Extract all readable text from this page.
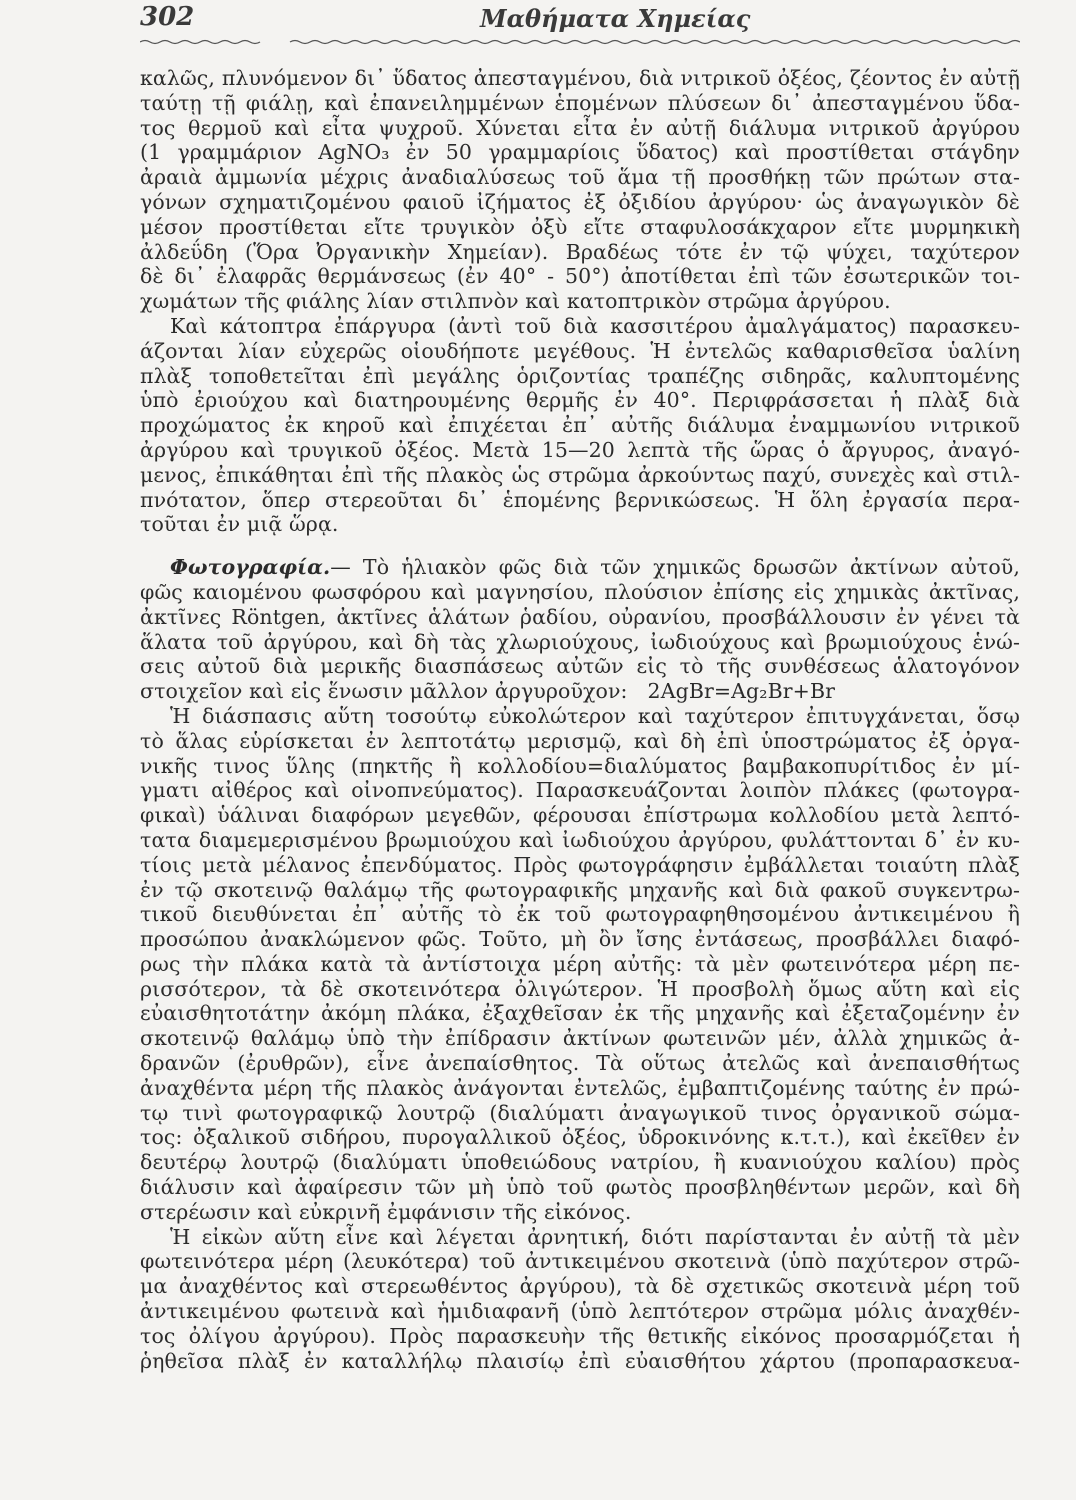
302	Μαθήματα Χημείας

καλῶς, πλυνόμενον δι᾽ ὕδατος ἀπεσταγμένου, διὰ νιτρικοῦ ὀξέος, ζέοντος ἐν αὐτῇ
ταύτῃ τῇ φιάλῃ, καὶ ἐπανειλημμένων ἑπομένων πλύσεων δι᾽ ἀπεσταγμένου ὕδα-
τος θερμοῦ καὶ εἶτα ψυχροῦ. Χύνεται εἶτα ἐν αὐτῇ διάλυμα νιτρικοῦ ἀργύρου
(1 γραμμάριον AgNO₃ ἐν 50 γραμμαρίοις ὕδατος) καὶ προστίθεται στάγδην
ἀραιὰ ἀμμωνία μέχρις ἀναδιαλύσεως τοῦ ἅμα τῇ προσθήκῃ τῶν πρώτων στα-
γόνων σχηματιζομένου φαιοῦ ἰζήματος ἐξ ὀξιδίου ἀργύρου· ὡς ἀναγωγικὸν δὲ
μέσον προστίθεται εἴτε τρυγικὸν ὀξὺ εἴτε σταφυλοσάκχαρον εἴτε μυρμηκικὴ
ἀλδεΰδη (Ὅρα Ὀργανικὴν Χημείαν). Βραδέως τότε ἐν τῷ ψύχει, ταχύτερον
δὲ δι᾽ ἐλαφρᾶς θερμάνσεως (ἐν 40° - 50°) ἀποτίθεται ἐπὶ τῶν ἐσωτερικῶν τοι-
χωμάτων τῆς φιάλης λίαν στιλπνὸν καὶ κατοπτρικὸν στρῶμα ἀργύρου.

Καὶ κάτοπτρα ἐπάργυρα (ἀντὶ τοῦ διὰ κασσιτέρου ἀμαλγάματος) παρασκευ-
άζονται λίαν εὐχερῶς οἱουδήποτε μεγέθους. Ἡ ἐντελῶς καθαρισθεῖσα ὑαλίνη
πλὰξ τοποθετεῖται ἐπὶ μεγάλης ὁριζοντίας τραπέζης σιδηρᾶς, καλυπτομένης
ὑπὸ ἐριούχου καὶ διατηρουμένης θερμῆς ἐν 40°. Περιφράσσεται ἡ πλὰξ διὰ
προχώματος ἐκ κηροῦ καὶ ἐπιχέεται ἐπ᾽ αὐτῆς διάλυμα ἐναμμωνίου νιτρικοῦ
ἀργύρου καὶ τρυγικοῦ ὀξέος. Μετὰ 15—20 λεπτὰ τῆς ὥρας ὁ ἄργυρος, ἀναγό-
μενος, ἐπικάθηται ἐπὶ τῆς πλακὸς ὡς στρῶμα ἀρκούντως παχύ, συνεχὲς καὶ στιλ-
πνότατον, ὅπερ στερεοῦται δι᾽ ἑπομένης βερνικώσεως. Ἡ ὅλη ἐργασία περα-
τοῦται ἐν μιᾷ ὥρᾳ.

Φωτογραφία.— Τὸ ἡλιακὸν φῶς διὰ τῶν χημικῶς δρωσῶν ἀκτίνων αὐτοῦ,
φῶς καιομένου φωσφόρου καὶ μαγνησίου, πλούσιον ἐπίσης εἰς χημικὰς ἀκτῖνας,
ἀκτῖνες Röntgen, ἀκτῖνες ἁλάτων ῥαδίου, οὐρανίου, προσβάλλουσιν ἐν γένει τὰ
ἅλατα τοῦ ἀργύρου, καὶ δὴ τὰς χλωριούχους, ἰωδιούχους καὶ βρωμιούχους ἑνώ-
σεις αὐτοῦ διὰ μερικῆς διασπάσεως αὐτῶν εἰς τὸ τῆς συνθέσεως ἁλατογόνον
στοιχεῖον καὶ εἰς ἕνωσιν μᾶλλον ἀργυροῦχον: 2AgBr=Ag₂Br+Br

Ἡ διάσπασις αὕτη τοσούτῳ εὐκολώτερον καὶ ταχύτερον ἐπιτυγχάνεται, ὅσῳ
τὸ ἅλας εὑρίσκεται ἐν λεπτοτάτῳ μερισμῷ, καὶ δὴ ἐπὶ ὑποστρώματος ἐξ ὀργα-
νικῆς τινος ὕλης (πηκτῆς ἢ κολλοδίου=διαλύματος βαμβακοπυρίτιδος ἐν μί-
γματι αἰθέρος καὶ οἰνοπνεύματος). Παρασκευάζονται λοιπὸν πλάκες (φωτογρα-
φικαὶ) ὑάλιναι διαφόρων μεγεθῶν, φέρουσαι ἐπίστρωμα κολλοδίου μετὰ λεπτό-
τατα διαμεμερισμένου βρωμιούχου καὶ ἰωδιούχου ἀργύρου, φυλάττονται δ᾽ ἐν κυ-
τίοις μετὰ μέλανος ἐπενδύματος. Πρὸς φωτογράφησιν ἐμβάλλεται τοιαύτη πλὰξ
ἐν τῷ σκοτεινῷ θαλάμῳ τῆς φωτογραφικῆς μηχανῆς καὶ διὰ φακοῦ συγκεντρω-
τικοῦ διευθύνεται ἐπ᾽ αὐτῆς τὸ ἐκ τοῦ φωτογραφηθησομένου ἀντικειμένου ἢ
προσώπου ἀνακλώμενον φῶς. Τοῦτο, μὴ ὂν ἴσης ἐντάσεως, προσβάλλει διαφό-
ρως τὴν πλάκα κατὰ τὰ ἀντίστοιχα μέρη αὐτῆς: τὰ μὲν φωτεινότερα μέρη πε-
ρισσότερον, τὰ δὲ σκοτεινότερα ὀλιγώτερον. Ἡ προσβολὴ ὅμως αὕτη καὶ εἰς
εὐαισθητοτάτην ἀκόμη πλάκα, ἐξαχθεῖσαν ἐκ τῆς μηχανῆς καὶ ἐξεταζομένην ἐν
σκοτεινῷ θαλάμῳ ὑπὸ τὴν ἐπίδρασιν ἀκτίνων φωτεινῶν μέν, ἀλλὰ χημικῶς ἀ-
δρανῶν (ἐρυθρῶν), εἶνε ἀνεπαίσθητος. Τὰ οὕτως ἀτελῶς καὶ ἀνεπαισθήτως
ἀναχθέντα μέρη τῆς πλακὸς ἀνάγονται ἐντελῶς, ἐμβαπτιζομένης ταύτης ἐν πρώ-
τῳ τινὶ φωτογραφικῷ λουτρῷ (διαλύματι ἀναγωγικοῦ τινος ὀργανικοῦ σώμα-
τος: ὀξαλικοῦ σιδήρου, πυρογαλλικοῦ ὀξέος, ὑδροκινόνης κ.τ.τ.), καὶ ἐκεῖθεν ἐν
δευτέρῳ λουτρῷ (διαλύματι ὑποθειώδους νατρίου, ἢ κυανιούχου καλίου) πρὸς
διάλυσιν καὶ ἀφαίρεσιν τῶν μὴ ὑπὸ τοῦ φωτὸς προσβληθέντων μερῶν, καὶ δὴ
στερέωσιν καὶ εὐκρινῆ ἐμφάνισιν τῆς εἰκόνος.

Ἡ εἰκὼν αὕτη εἶνε καὶ λέγεται ἀρνητική, διότι παρίστανται ἐν αὐτῇ τὰ μὲν
φωτεινότερα μέρη (λευκότερα) τοῦ ἀντικειμένου σκοτεινὰ (ὑπὸ παχύτερον στρῶ-
μα ἀναχθέντος καὶ στερεωθέντος ἀργύρου), τὰ δὲ σχετικῶς σκοτεινὰ μέρη τοῦ
ἀντικειμένου φωτεινὰ καὶ ἡμιδιαφανῆ (ὑπὸ λεπτότερον στρῶμα μόλις ἀναχθέν-
τος ὀλίγου ἀργύρου). Πρὸς παρασκευὴν τῆς θετικῆς εἰκόνος προσαρμόζεται ἡ
ῥηθεῖσα πλὰξ ἐν καταλλήλῳ πλαισίῳ ἐπὶ εὐαισθήτου χάρτου (προπαρασκευα-
